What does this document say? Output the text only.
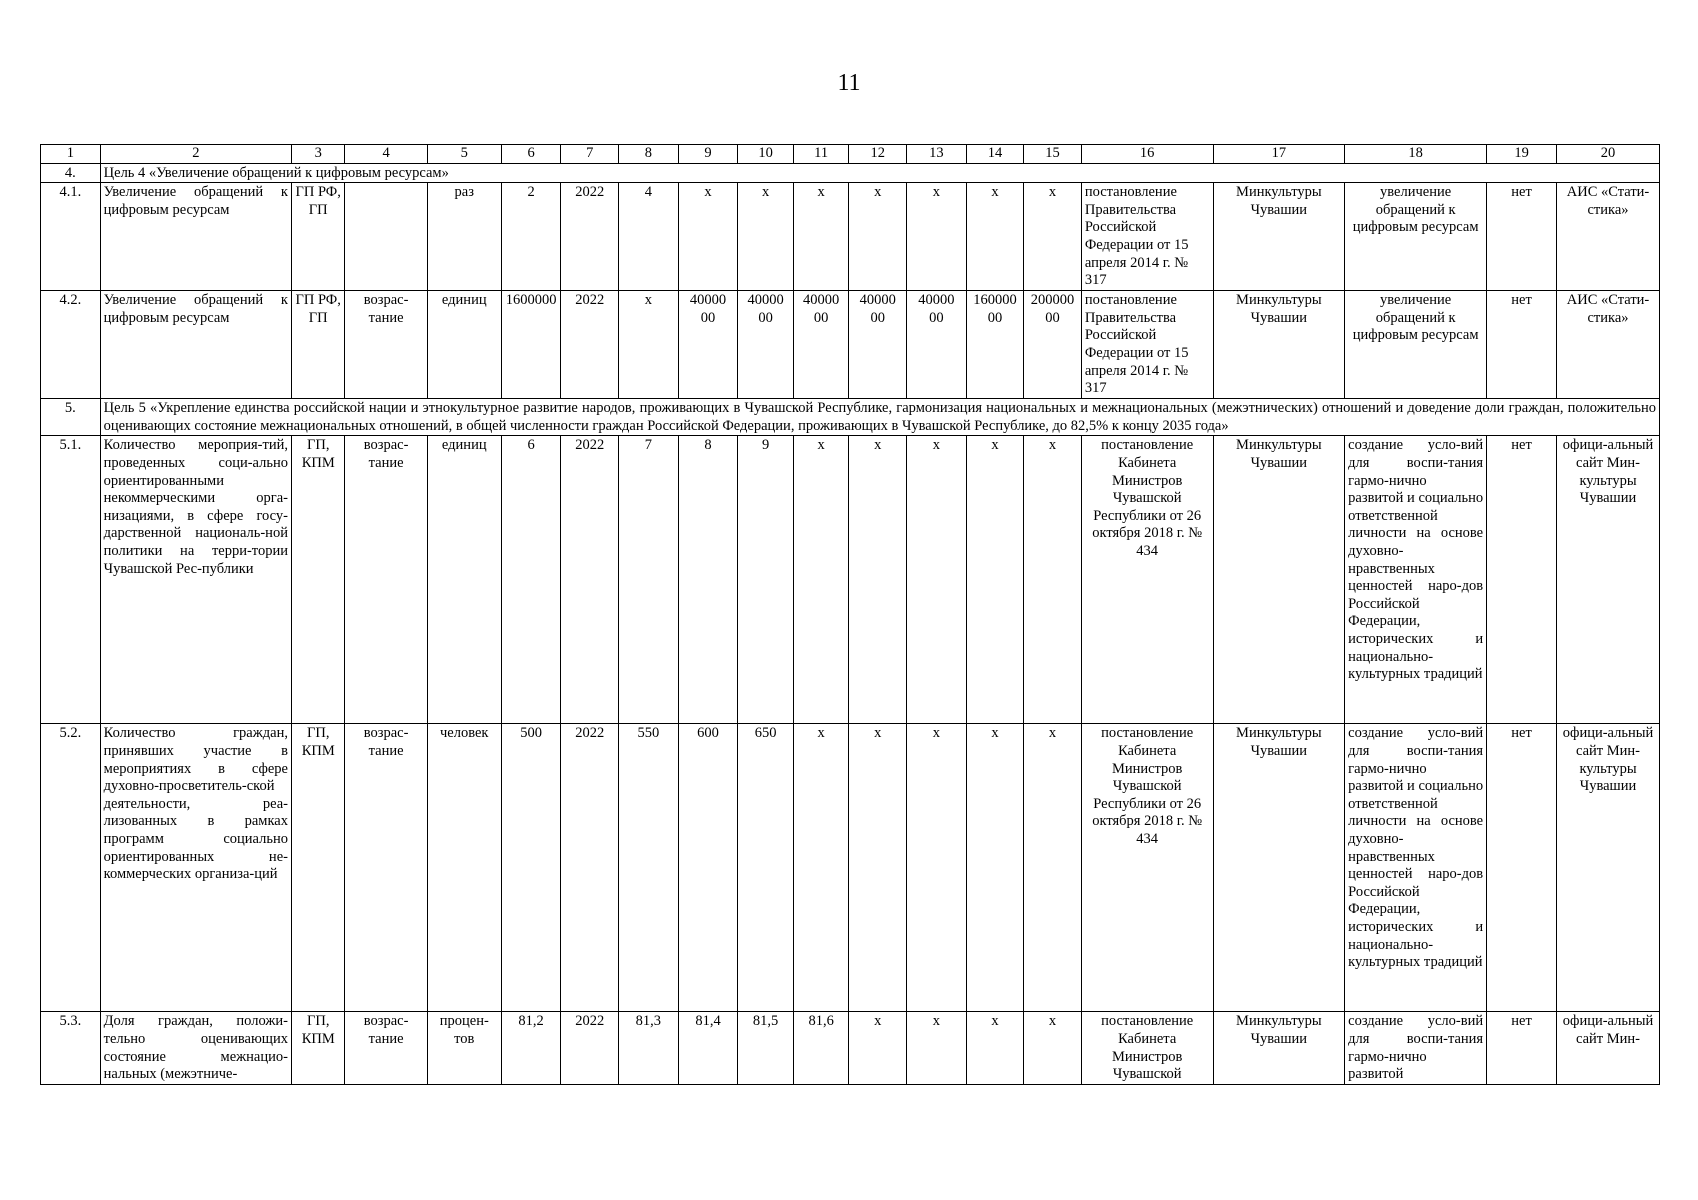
11
1	2	3	4	5	6	7	8	9	10	11	12	13	14	15	16	17	18	19	20
4.	Цель 4 «Увеличение обращений к цифровым ресурсам»																		
4.1.	Увеличение обращений к цифровым ресурсам	ГП РФ, ГП		раз	2	2022	4	x	x	x	x	x	x	x	постановление Правительства Российской Федерации от 15 апреля 2014 г. № 317	Минкультуры Чувашии	увеличение обращений к цифровым ресурсам	нет	АИС «Стати-стика»
4.2.	Увеличение обращений к цифровым ресурсам	ГП РФ, ГП	возрас-тание	единиц	1600000	2022	x	40000 00	40000 00	40000 00	40000 00	40000 00	160000 00	200000 00	постановление Правительства Российской Федерации от 15 апреля 2014 г. № 317	Минкультуры Чувашии	увеличение обращений к цифровым ресурсам	нет	АИС «Стати-стика»
5.	Цель 5 «Укрепление единства российской нации и этнокультурное развитие народов, проживающих в Чувашской Республике, гармонизация национальных и межнациональных (межэтнических) отношений и доведение доли граждан, положительно оценивающих состояние межнациональных отношений, в общей численности граждан Российской Федерации, проживающих в Чувашской Республике, до 82,5% к концу 2035 года»																		
5.1.	Количество мероприя-тий, проведенных соци-ально ориентированными некоммерческими орга-низациями, в сфере госу-дарственной националь-ной политики на терри-тории Чувашской Рес-публики	ГП, КПМ	возрас-тание	единиц	6	2022	7	8	9	x	x	x	x	x	постановление Кабинета Министров Чувашской Республики от 26 октября 2018 г. № 434	Минкультуры Чувашии	создание усло-вий для воспи-тания гармо-нично развитой и социально ответственной личности на основе духовно-нравственных ценностей наро-дов Российской Федерации, исторических и национально-культурных традиций	нет	офици-альный сайт Мин-культуры Чувашии
5.2.	Количество граждан, принявших участие в мероприятиях в сфере духовно-просветитель-ской деятельности, реа-лизованных в рамках программ социально ориентированных не-коммерческих организа-ций	ГП, КПМ	возрас-тание	человек	500	2022	550	600	650	x	x	x	x	x	постановление Кабинета Министров Чувашской Республики от 26 октября 2018 г. № 434	Минкультуры Чувашии	создание усло-вий для воспи-тания гармо-нично развитой и социально ответственной личности на основе духовно-нравственных ценностей наро-дов Российской Федерации, исторических и национально-культурных традиций	нет	офици-альный сайт Мин-культуры Чувашии
5.3.	Доля граждан, положи-тельно оценивающих состояние межнацио-нальных (межэтниче-	ГП, КПМ	возрас-тание	процен-тов	81,2	2022	81,3	81,4	81,5	81,6	x	x	x	x	постановление Кабинета Министров Чувашской	Минкультуры Чувашии	создание усло-вий для воспи-тания гармо-нично развитой	нет	офици-альный сайт Мин-
